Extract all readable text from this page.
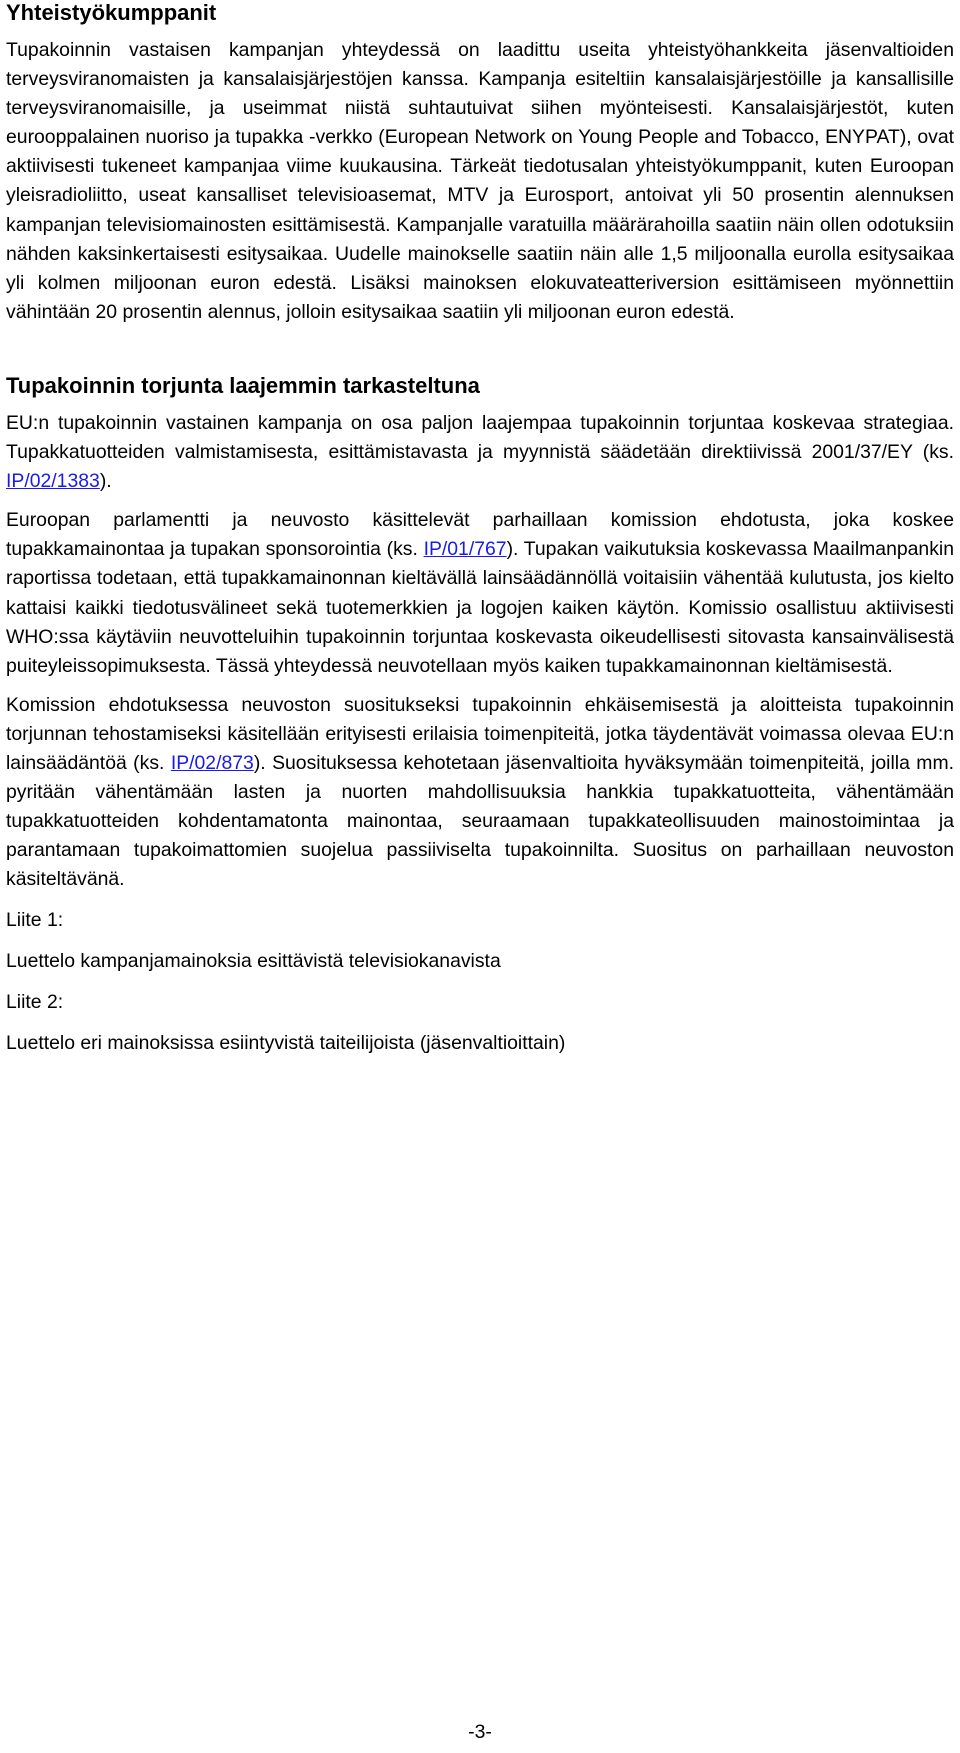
Yhteistyökumppanit

Tupakoinnin vastaisen kampanjan yhteydessä on laadittu useita yhteistyöhankkeita jäsenvaltioiden terveysviranomaisten ja kansalaisjärjestöjen kanssa. Kampanja esiteltiin kansalaisjärjestöille ja kansallisille terveysviranomaisille, ja useimmat niistä suhtautuivat siihen myönteisesti. Kansalaisjärjestöt, kuten eurooppalainen nuoriso ja tupakka -verkko (European Network on Young People and Tobacco, ENYPAT), ovat aktiivisesti tukeneet kampanjaa viime kuukausina. Tärkeät tiedotusalan yhteistyökumppanit, kuten Euroopan yleisradioliitto, useat kansalliset televisioasemat, MTV ja Eurosport, antoivat yli 50 prosentin alennuksen kampanjan televisiomainosten esittämisestä. Kampanjalle varatuilla määrärahoilla saatiin näin ollen odotuksiin nähden kaksinkertaisesti esitysaikaa. Uudelle mainokselle saatiin näin alle 1,5 miljoonalla eurolla esitysaikaa yli kolmen miljoonan euron edestä. Lisäksi mainoksen elokuvateatteriversion esittämiseen myönnettiin vähintään 20 prosentin alennus, jolloin esitysaikaa saatiin yli miljoonan euron edestä.

Tupakoinnin torjunta laajemmin tarkasteltuna

EU:n tupakoinnin vastainen kampanja on osa paljon laajempaa tupakoinnin torjuntaa koskevaa strategiaa. Tupakkatuotteiden valmistamisesta, esittämistavasta ja myynnistä säädetään direktiivissä 2001/37/EY (ks. IP/02/1383).

Euroopan parlamentti ja neuvosto käsittelevät parhaillaan komission ehdotusta, joka koskee tupakkamainontaa ja tupakan sponsorointia (ks. IP/01/767). Tupakan vaikutuksia koskevassa Maailmanpankin raportissa todetaan, että tupakkamainonnan kieltävällä lainsäädännöllä voitaisiin vähentää kulutusta, jos kielto kattaisi kaikki tiedotusvälineet sekä tuotemerkkien ja logojen kaiken käytön. Komissio osallistuu aktiivisesti WHO:ssa käytäviin neuvotteluihin tupakoinnin torjuntaa koskevasta oikeudellisesti sitovasta kansainvälisestä puiteyleissopimuksesta. Tässä yhteydessä neuvotellaan myös kaiken tupakkamainonnan kieltämisestä.

Komission ehdotuksessa neuvoston suositukseksi tupakoinnin ehkäisemisestä ja aloitteista tupakoinnin torjunnan tehostamiseksi käsitellään erityisesti erilaisia toimenpiteitä, jotka täydentävät voimassa olevaa EU:n lainsäädäntöä (ks. IP/02/873). Suosituksessa kehotetaan jäsenvaltioita hyväksymään toimenpiteitä, joilla mm. pyritään vähentämään lasten ja nuorten mahdollisuuksia hankkia tupakkatuotteita, vähentämään tupakkatuotteiden kohdentamatonta mainontaa, seuraamaan tupakkateollisuuden mainostoimintaa ja parantamaan tupakoimattomien suojelua passiiviselta tupakoinnilta. Suositus on parhaillaan neuvoston käsiteltävänä.

Liite 1:

Luettelo kampanjamainoksia esittävistä televisiokanavista

Liite 2:

Luettelo eri mainoksissa esiintyvistä taiteilijoista (jäsenvaltioittain)

-3-
